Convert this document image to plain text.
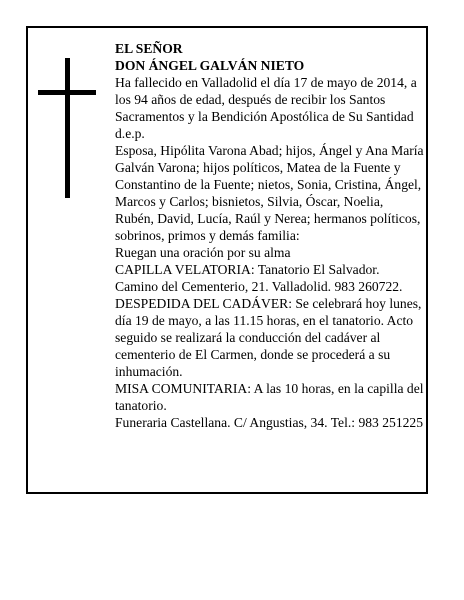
EL SEÑOR

DON ÁNGEL GALVÁN NIETO

Ha fallecido en Valladolid el día 17 de mayo de 2014, a los 94 años de edad, después de recibir los Santos Sacramentos y la Bendición Apostólica de Su Santidad d.e.p.

Esposa, Hipólita Varona Abad; hijos, Ángel y Ana María Galván Varona; hijos políticos, Matea de la Fuente y Constantino de la Fuente; nietos, Sonia, Cristina, Ángel, Marcos y Carlos; bisnietos, Silvia, Óscar, Noelia, Rubén, David, Lucía, Raúl y Nerea; hermanos políticos, sobrinos, primos y demás familia:

Ruegan una oración por su alma

CAPILLA VELATORIA: Tanatorio El Salvador. Camino del Cementerio, 21. Valladolid. 983 260722.

DESPEDIDA DEL CADÁVER: Se celebrará hoy lunes, día 19 de mayo, a las 11.15 horas, en el tanatorio. Acto seguido se realizará la conducción del cadáver al cementerio de El Carmen, donde se procederá a su inhumación.

MISA COMUNITARIA: A las 10 horas, en la capilla del tanatorio.

Funeraria Castellana. C/ Angustias, 34. Tel.: 983 251225
